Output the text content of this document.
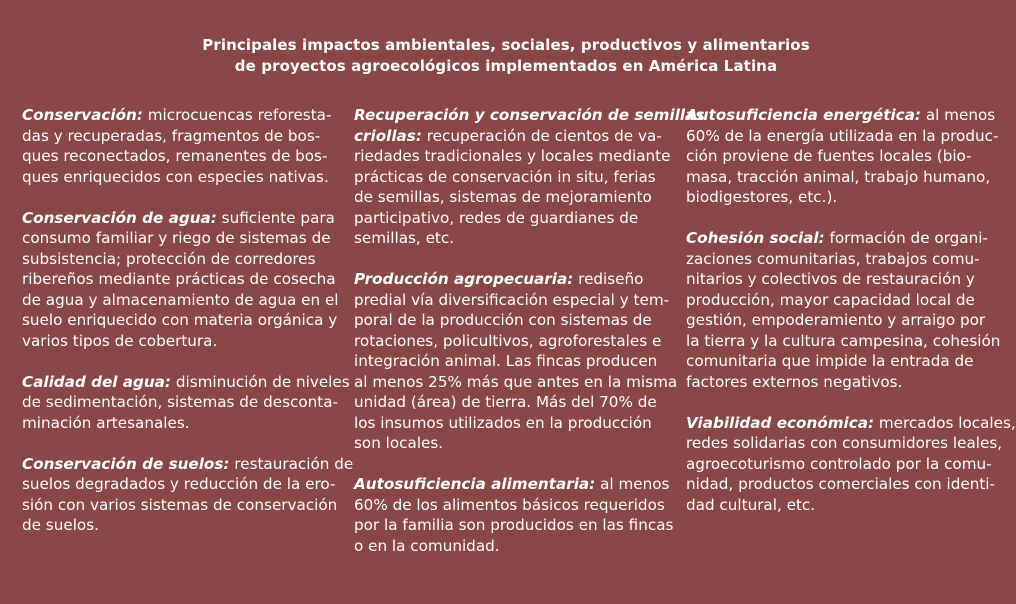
Principales impactos ambientales, sociales, productivos y alimentarios
de proyectos agroecológicos implementados en América Latina
Conservación: microcuencas reforesta-
das y recuperadas, fragmentos de bos-
ques reconectados, remanentes de bos-
ques enriquecidos con especies nativas.
Conservación de agua: suficiente para
consumo familiar y riego de sistemas de
subsistencia; protección de corredores
ribereños mediante prácticas de cosecha
de agua y almacenamiento de agua en el
suelo enriquecido con materia orgánica y
varios tipos de cobertura.
Calidad del agua: disminución de niveles
de sedimentación, sistemas de desconta-
minación artesanales.
Conservación de suelos: restauración de
suelos degradados y reducción de la ero-
sión con varios sistemas de conservación
de suelos.
Recuperación y conservación de semillas
criollas: recuperación de cientos de va-
riedades tradicionales y locales mediante
prácticas de conservación in situ, ferias
de semillas, sistemas de mejoramiento
participativo, redes de guardianes de
semillas, etc.
Producción agropecuaria: rediseño
predial vía diversificación especial y tem-
poral de la producción con sistemas de
rotaciones, policultivos, agroforestales e
integración animal. Las fincas producen
al menos 25% más que antes en la misma
unidad (área) de tierra. Más del 70% de
los insumos utilizados en la producción
son locales.
Autosuficiencia alimentaria: al menos
60% de los alimentos básicos requeridos
por la familia son producidos en las fincas
o en la comunidad.
Autosuficiencia energética: al menos
60% de la energía utilizada en la produc-
ción proviene de fuentes locales (bio-
masa, tracción animal, trabajo humano,
biodigestores, etc.).
Cohesión social: formación de organi-
zaciones comunitarias, trabajos comu-
nitarios y colectivos de restauración y
producción, mayor capacidad local de
gestión, empoderamiento y arraigo por
la tierra y la cultura campesina, cohesión
comunitaria que impide la entrada de
factores externos negativos.
Viabilidad económica: mercados locales,
redes solidarias con consumidores leales,
agroecoturismo controlado por la comu-
nidad, productos comerciales con identi-
dad cultural, etc.
